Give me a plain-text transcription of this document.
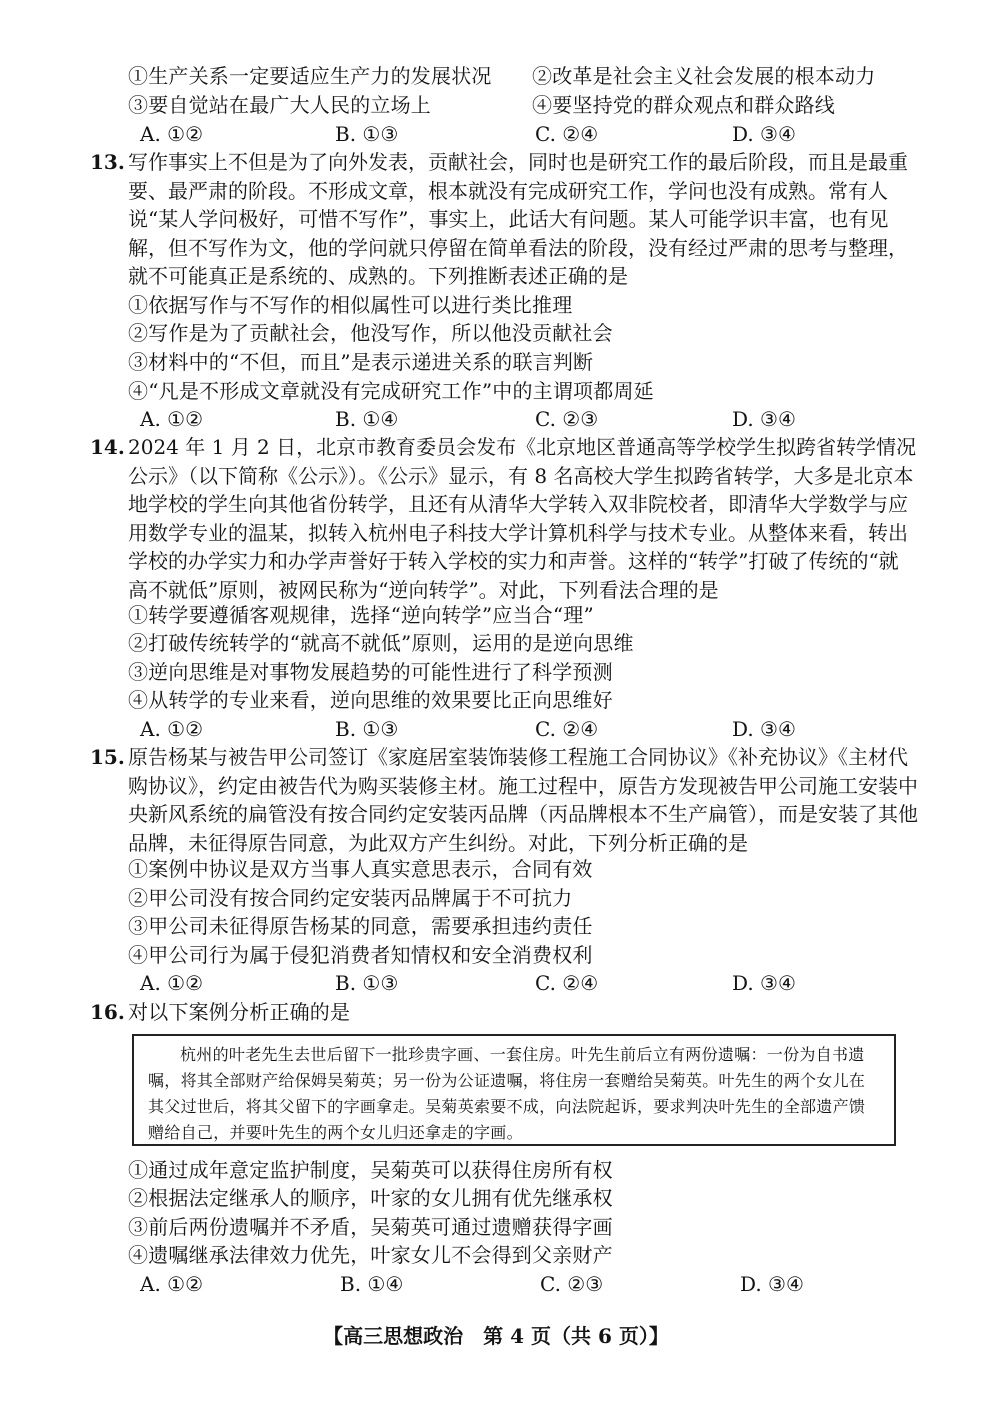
①生产关系一定要适应生产力的发展状况 ②改革是社会主义社会发展的根本动力
③要自觉站在最广大人民的立场上	④要坚持党的群众观点和群众路线
A. ①②	B. ①③	C. ②④	D. ③④
13. 写作事实上不但是为了向外发表，贡献社会，同时也是研究工作的最后阶段，而且是最重要、最严肃的阶段。不形成文章，根本就没有完成研究工作，学问也没有成熟。常有人说“某人学问极好，可惜不写作”，事实上，此话大有问题。某人可能学识丰富，也有见解，但不写作为文，他的学问就只停留在简单看法的阶段，没有经过严肃的思考与整理，就不可能真正是系统的、成熟的。下列推断表述正确的是
①依据写作与不写作的相似属性可以进行类比推理
②写作是为了贡献社会，他没写作，所以他没贡献社会
③材料中的“不但，而且”是表示递进关系的联言判断
④“凡是不形成文章就没有完成研究工作”中的主谓项都周延
A. ①②	B. ①④	C. ②③	D. ③④
14. 2024 年 1 月 2 日，北京市教育委员会发布《北京地区普通高等学校学生拟跨省转学情况公示》（以下简称《公示》）。《公示》显示，有 8 名高校大学生拟跨省转学，大多是北京本地学校的学生向其他省份转学，且还有从清华大学转入双非院校者，即清华大学数学与应用数学专业的温某，拟转入杭州电子科技大学计算机科学与技术专业。从整体来看，转出学校的办学实力和办学声誉好于转入学校的实力和声誉。这样的“转学”打破了传统的“就高不就低”原则，被网民称为“逆向转学”。对此，下列看法合理的是
①转学要遵循客观规律，选择“逆向转学”应当合“理”
②打破传统转学的“就高不就低”原则，运用的是逆向思维
③逆向思维是对事物发展趋势的可能性进行了科学预测
④从转学的专业来看，逆向思维的效果要比正向思维好
A. ①②	B. ①③	C. ②④	D. ③④
15. 原告杨某与被告甲公司签订《家庭居室装饰装修工程施工合同协议》《补充协议》《主材代购协议》，约定由被告代为购买装修主材。施工过程中，原告方发现被告甲公司施工安装中央新风系统的扁管没有按合同约定安装丙品牌（丙品牌根本不生产扁管），而是安装了其他品牌，未征得原告同意，为此双方产生纠纷。对此，下列分析正确的是
①案例中协议是双方当事人真实意思表示，合同有效
②甲公司没有按合同约定安装丙品牌属于不可抗力
③甲公司未征得原告杨某的同意，需要承担违约责任
④甲公司行为属于侵犯消费者知情权和安全消费权利
A. ①②	B. ①③	C. ②④	D. ③④
16. 对以下案例分析正确的是
杭州的叶老先生去世后留下一批珍贵字画、一套住房。叶先生前后立有两份遗嘱：一份为自书遗嘱，将其全部财产给保姆吴菊英；另一份为公证遗嘱，将住房一套赠给吴菊英。叶先生的两个女儿在其父过世后，将其父留下的字画拿走。吴菊英索要不成，向法院起诉，要求判决叶先生的全部遗产馈赠给自己，并要叶先生的两个女儿归还拿走的字画。
①通过成年意定监护制度，吴菊英可以获得住房所有权
②根据法定继承人的顺序，叶家的女儿拥有优先继承权
③前后两份遗嘱并不矛盾，吴菊英可通过遗赠获得字画
④遗嘱继承法律效力优先，叶家女儿不会得到父亲财产
A. ①②	B. ①④	C. ②③	D. ③④
【高三思想政治　第 4 页（共 6 页）】
